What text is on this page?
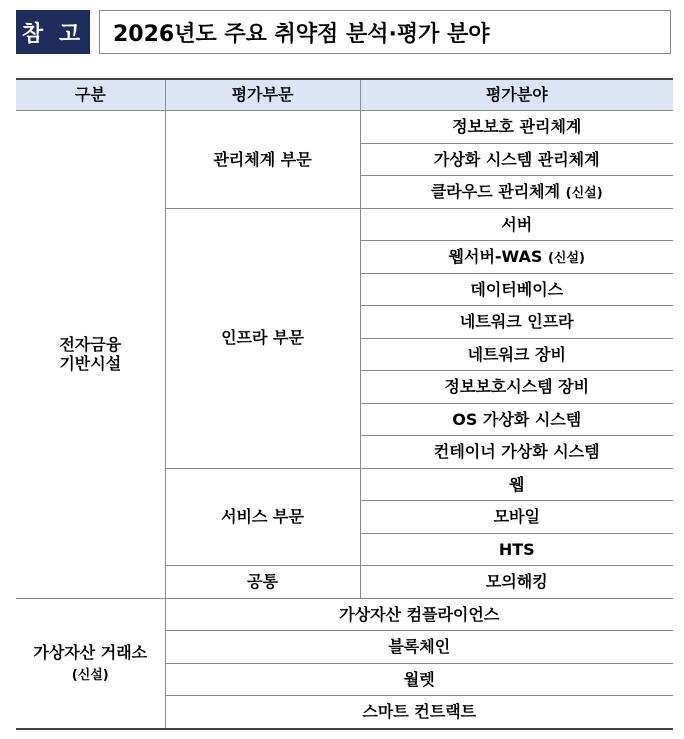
참 고	2026년도 주요 취약점 분석·평가 분야
구분	평가부문	평가분야

전자금융
기반시설	관리체계 부문	정보보호 관리체계
		가상화 시스템 관리체계
		클라우드 관리체계 (신설)
	인프라 부문	서버
		웹서버-WAS (신설)
		데이터베이스
		네트워크 인프라
		네트워크 장비
		정보보호시스템 장비
		OS 가상화 시스템
		컨테이너 가상화 시스템
	서비스 부문	웹
		모바일
		HTS
	공통	모의해킹

가상자산 거래소
(신설)	가상자산 컴플라이언스	
	블록체인	
	월렛	
	스마트 컨트랙트	
